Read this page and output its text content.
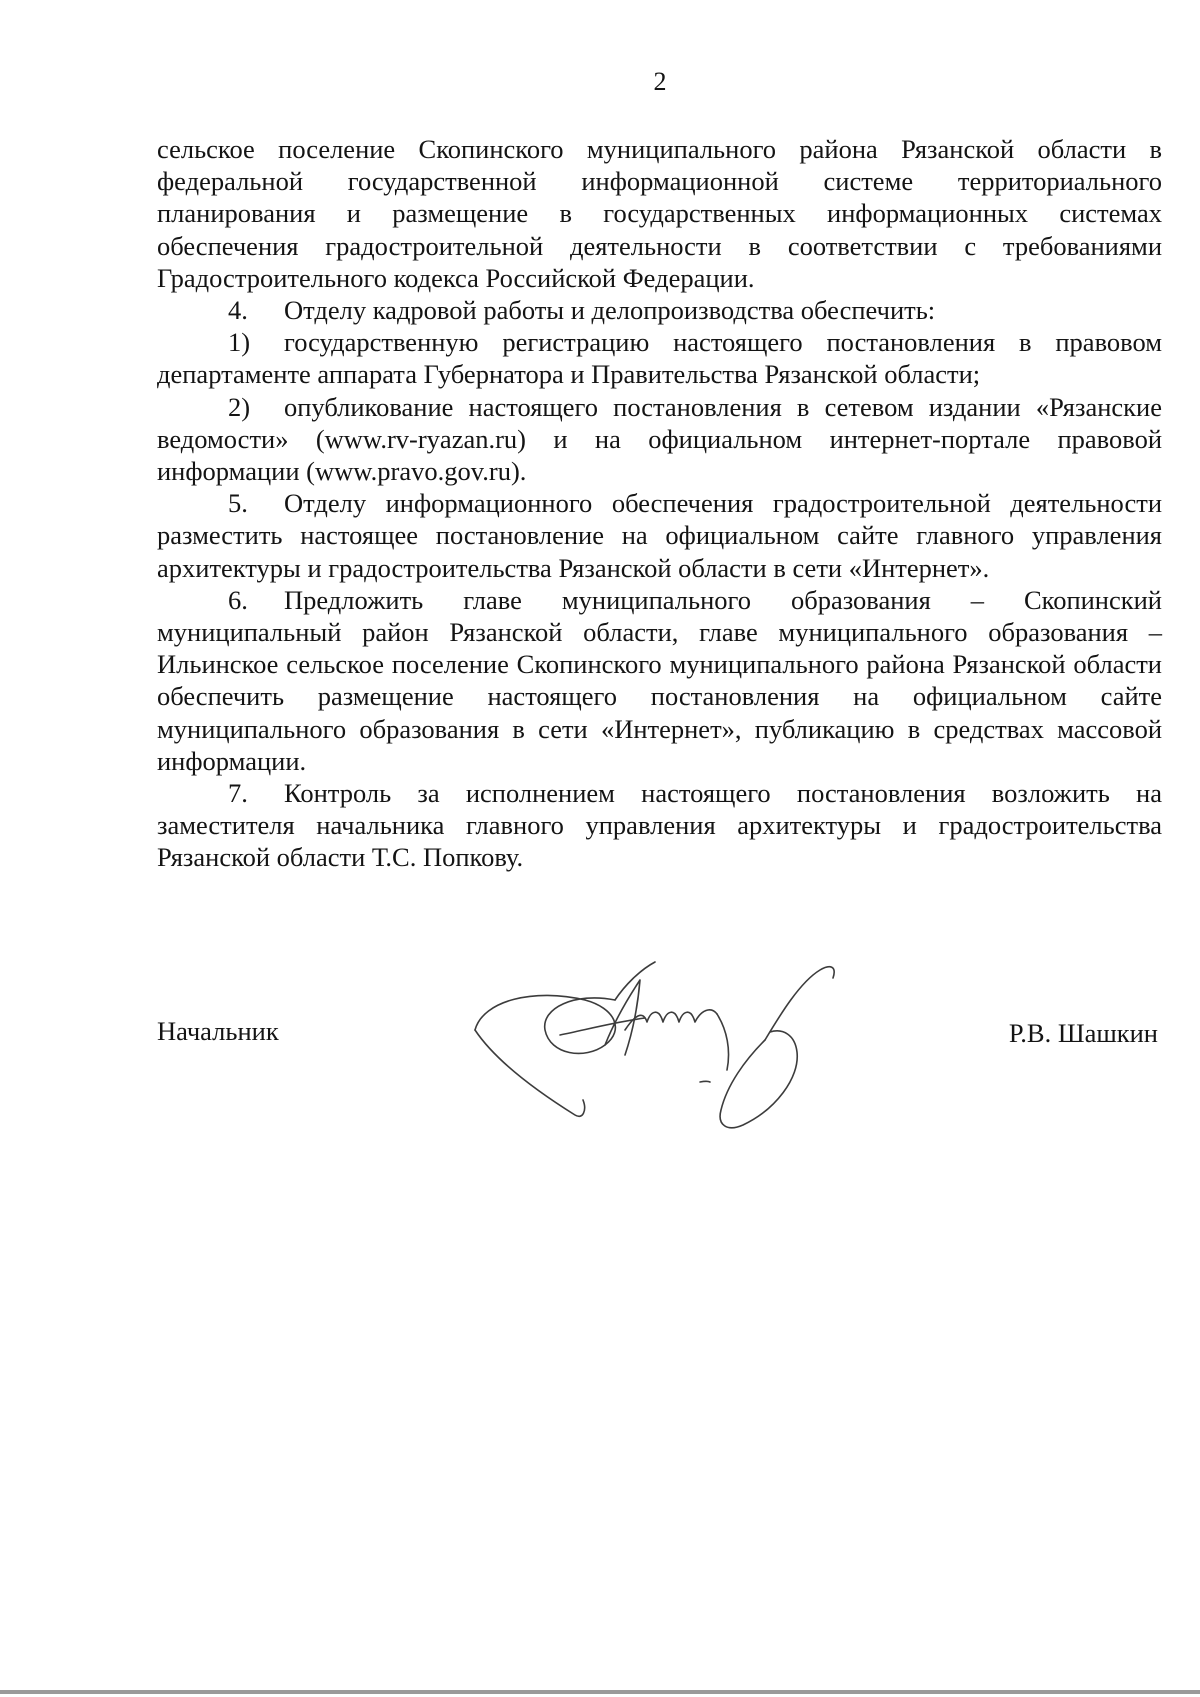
2

сельское поселение Скопинского муниципального района Рязанской области в федеральной государственной информационной системе территориального планирования и размещение в государственных информационных системах обеспечения градостроительной деятельности в соответствии с требованиями Градостроительного кодекса Российской Федерации.

4. Отделу кадровой работы и делопроизводства обеспечить:

1) государственную регистрацию настоящего постановления в правовом департаменте аппарата Губернатора и Правительства Рязанской области;

2) опубликование настоящего постановления в сетевом издании «Рязанские ведомости» (www.rv-ryazan.ru) и на официальном интернет-портале правовой информации (www.pravo.gov.ru).

5. Отделу информационного обеспечения градостроительной деятельности разместить настоящее постановление на официальном сайте главного управления архитектуры и градостроительства Рязанской области в сети «Интернет».

6. Предложить главе муниципального образования – Скопинский муниципальный район Рязанской области, главе муниципального образования – Ильинское сельское поселение Скопинского муниципального района Рязанской области обеспечить размещение настоящего постановления на официальном сайте муниципального образования в сети «Интернет», публикацию в средствах массовой информации.

7. Контроль за исполнением настоящего постановления возложить на заместителя начальника главного управления архитектуры и градостроительства Рязанской области Т.С. Попкову.

Начальник	Р.В. Шашкин
